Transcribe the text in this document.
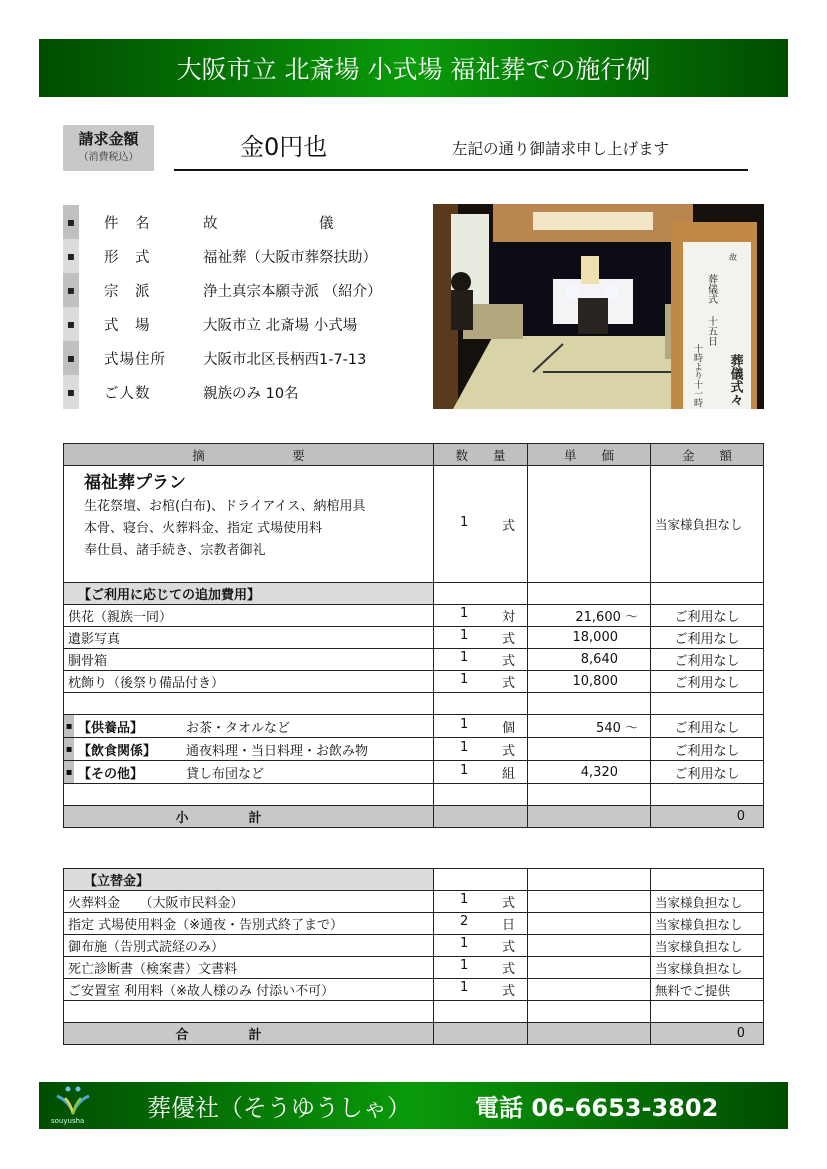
大阪市立 北斎場 小式場 福祉葬での施行例
請求金額
（消費税込）	金0円也	左記の通り御請求申し上げます
▪	件　名	故　　　　　　　儀
▪	形　式	福祉葬（大阪市葬祭扶助）
▪	宗　派	浄土真宗本願寺派 （紹介）
▪	式　場	大阪市立 北斎場 小式場
▪	式場住所	大阪市北区長柄西1-7-13
▪	ご人数	親族のみ 10名
故
葬儀式
十五日
十時より十一時 葬儀式々
摘　　　　　　　要	数　　量	単　　価	金　　額

福祉葬プラン
生花祭壇、お棺(白布)、ドライアイス、納棺用具
本骨、寝台、火葬料金、指定 式場使用料
奉仕員、諸手続き、宗教者御礼

1	式		当家様負担なし
【ご利用に応じての追加費用】			
供花（親族一同）	1 対	21,600 ～	ご利用なし
遺影写真	1 式	18,000	ご利用なし
胴骨箱	1 式	8,640	ご利用なし
枕飾り（後祭り備品付き）	1 式	10,800	ご利用なし

▪ 【供養品】 お茶・タオルなど	1 個	540 ～	ご利用なし

▪ 【飲食関係】 通夜料理・当日料理・お飲み物	1 式		ご利用なし

▪ 【その他】 貸し布団など	1 組	4,320	ご利用なし

小計			0
【立替金】			
火葬料金　　（大阪市民料金）	1 式		当家様負担なし
指定 式場使用料金（※通夜・告別式終了まで）	2 日		当家様負担なし
御布施（告別式読経のみ）	1 式		当家様負担なし
死亡診断書（検案書）文書料	1 式		当家様負担なし
ご安置室 利用料（※故人様のみ 付添い不可）	1 式		無料でご提供

合計			0
souyusha	葬優社（そうゆうしゃ）	電話 06-6653-3802
